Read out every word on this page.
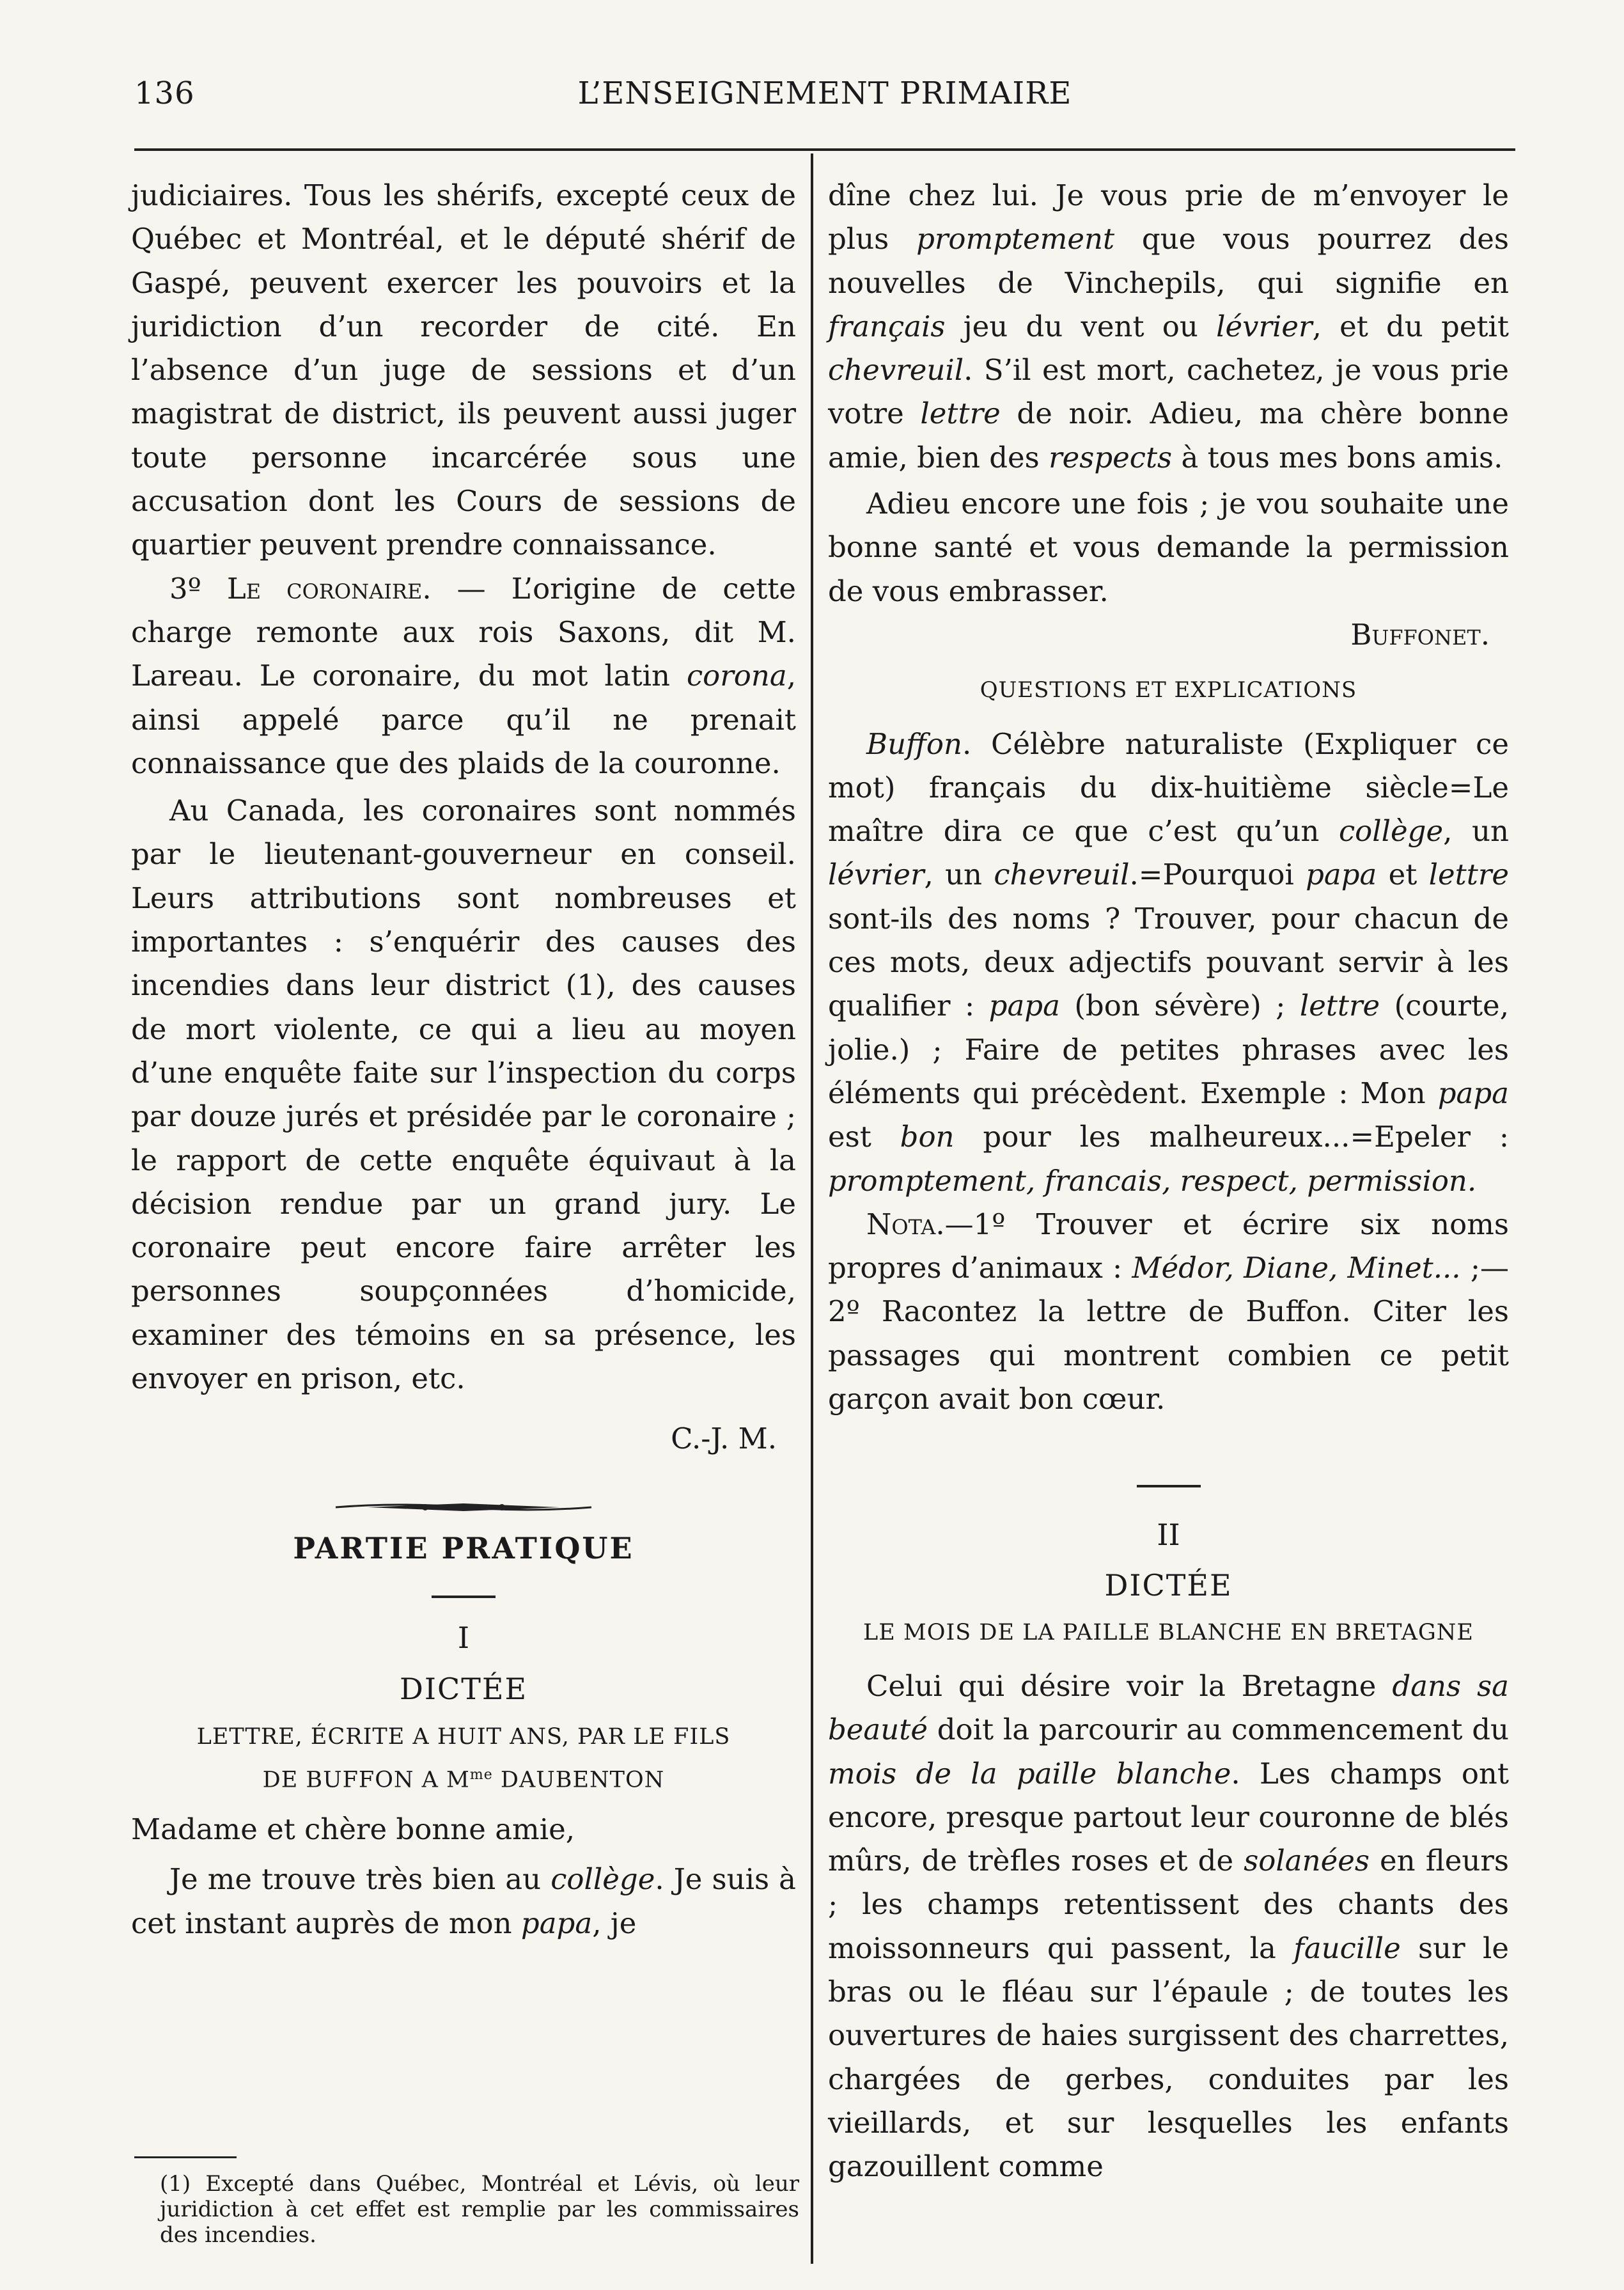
136	L’ENSEIGNEMENT PRIMAIRE

judiciaires. Tous les shérifs, excepté ceux de Québec et Montréal, et le député shérif de Gaspé, peuvent exercer les pouvoirs et la juridiction d’un recorder de cité. En l’absence d’un juge de sessions et d’un magistrat de district, ils peuvent aussi juger toute personne incarcérée sous une accusation dont les Cours de sessions de quartier peuvent prendre connaissance.

3º Le coronaire. — L’origine de cette charge remonte aux rois Saxons, dit M. Lareau. Le coronaire, du mot latin corona, ainsi appelé parce qu’il ne prenait connaissance que des plaids de la couronne.

Au Canada, les coronaires sont nommés par le lieutenant-gouverneur en conseil. Leurs attributions sont nombreuses et importantes : s’enquérir des causes des incendies dans leur district (1), des causes de mort violente, ce qui a lieu au moyen d’une enquête faite sur l’inspection du corps par douze jurés et présidée par le coronaire ; le rapport de cette enquête équivaut à la décision rendue par un grand jury. Le coronaire peut encore faire arrêter les personnes soupçonnées d’homicide, examiner des témoins en sa présence, les envoyer en prison, etc.

C.-J. M.

PARTIE PRATIQUE

I

DICTÉE

LETTRE, ÉCRITE A HUIT ANS, PAR LE FILS

DE BUFFON A $M^{me}$ DAUBENTON

Madame et chère bonne amie,

Je me trouve très bien au collège. Je suis à cet instant auprès de mon papa, je

(1) Excepté dans Québec, Montréal et Lévis, où leur juridiction à cet effet est remplie par les commissaires des incendies.

dîne chez lui. Je vous prie de m’envoyer le plus promptement que vous pourrez des nouvelles de Vinchepils, qui signifie en français jeu du vent ou lévrier, et du petit chevreuil. S’il est mort, cachetez, je vous prie votre lettre de noir. Adieu, ma chère bonne amie, bien des respects à tous mes bons amis.

Adieu encore une fois ; je vou souhaite une bonne santé et vous demande la permission de vous embrasser.

Buffonet.

QUESTIONS ET EXPLICATIONS

Buffon. Célèbre naturaliste (Expliquer ce mot) français du dix-huitième siècle=Le maître dira ce que c’est qu’un collège, un lévrier, un chevreuil.=Pourquoi papa et lettre sont-ils des noms ? Trouver, pour chacun de ces mots, deux adjectifs pouvant servir à les qualifier : papa (bon sévère) ; lettre (courte, jolie.) ; Faire de petites phrases avec les éléments qui précèdent. Exemple : Mon papa est bon pour les malheureux...=Epeler : promptement, francais, respect, permission.

Nota.—1º Trouver et écrire six noms propres d’animaux : Médor, Diane, Minet... ;—2º Racontez la lettre de Buffon. Citer les passages qui montrent combien ce petit garçon avait bon cœur.

II

DICTÉE

LE MOIS DE LA PAILLE BLANCHE EN BRETAGNE

Celui qui désire voir la Bretagne dans sa beauté doit la parcourir au commencement du mois de la paille blanche. Les champs ont encore, presque partout leur couronne de blés mûrs, de trèfles roses et de solanées en fleurs ; les champs retentissent des chants des moissonneurs qui passent, la faucille sur le bras ou le fléau sur l’épaule ; de toutes les ouvertures de haies surgissent des charrettes, chargées de gerbes, conduites par les vieillards, et sur lesquelles les enfants gazouillent comme
